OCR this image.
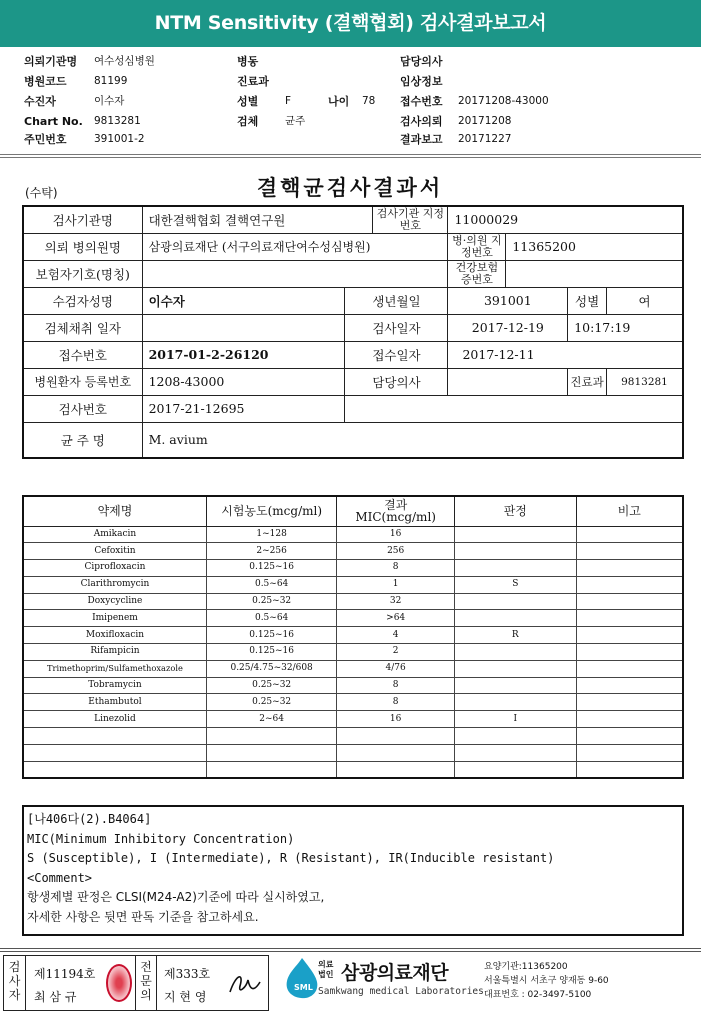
NTM Sensitivity (결핵협회) 검사결과보고서
의뢰기관명 여수성심병원	병동	담당의사
병원코드	81199	진료과	임상정보
수진자	이수자	성별	F	나이 78 접수번호 20171208-43000
Chart No. 9813281	검체	균주	검사의뢰 20171208
주민번호	391001-2	결과보고 20171227
(수탁)	결핵균검사결과서
검사기관명	대한결핵협회 결핵연구원		검사기관 지정번호	11000029			
의뢰 병의원명	삼광의료재단 (서구의료재단여수성심병원)			병·의원 지정번호	11365200		
보험자기호(명칭)				건강보험 증번호			
수검자성명	이수자	생년월일		391001		성별	여
검체채취 일자		검사일자		2017-12-19		10:17:19	
접수번호	2017-01-2-26120	접수일자		2017-12-11			
병원환자 등록번호	1208-43000	담당의사				진료과	9813281
검사번호	2017-21-12695						
균 주 명	M. avium						
약제명	시험농도(mcg/ml)	결과 MIC(mcg/ml)	판정	비고
Amikacin	1~128	16		
Cefoxitin	2~256	256		
Ciprofloxacin	0.125~16	8		
Clarithromycin	0.5~64	1	S	
Doxycycline	0.25~32	32		
Imipenem	0.5~64	>64		
Moxifloxacin	0.125~16	4	R	
Rifampicin	0.125~16	2		
Trimethoprim/Sulfamethoxazole	0.25/4.75~32/608	4/76		
Tobramycin	0.25~32	8		
Ethambutol	0.25~32	8		
Linezolid	2~64	16	I	

[나406다(2).B4064]
MIC(Minimum Inhibitory Concentration)
S (Susceptible), I (Intermediate), R (Resistant), IR(Inducible resistant)
<Comment>
항생제별 판정은 CLSI(M24-A2)기준에 따라 실시하였고,
자세한 사항은 뒷면 판독 기준을 참고하세요.
검사자
제11194호
최 삼 규
전문의
제333호
지 현 영
SML
의료법인 삼광의료재단
Samkwang medical Laboratories
요양기관:11365200
서울특별시 서초구 양재동 9-60
대표번호 : 02-3497-5100
